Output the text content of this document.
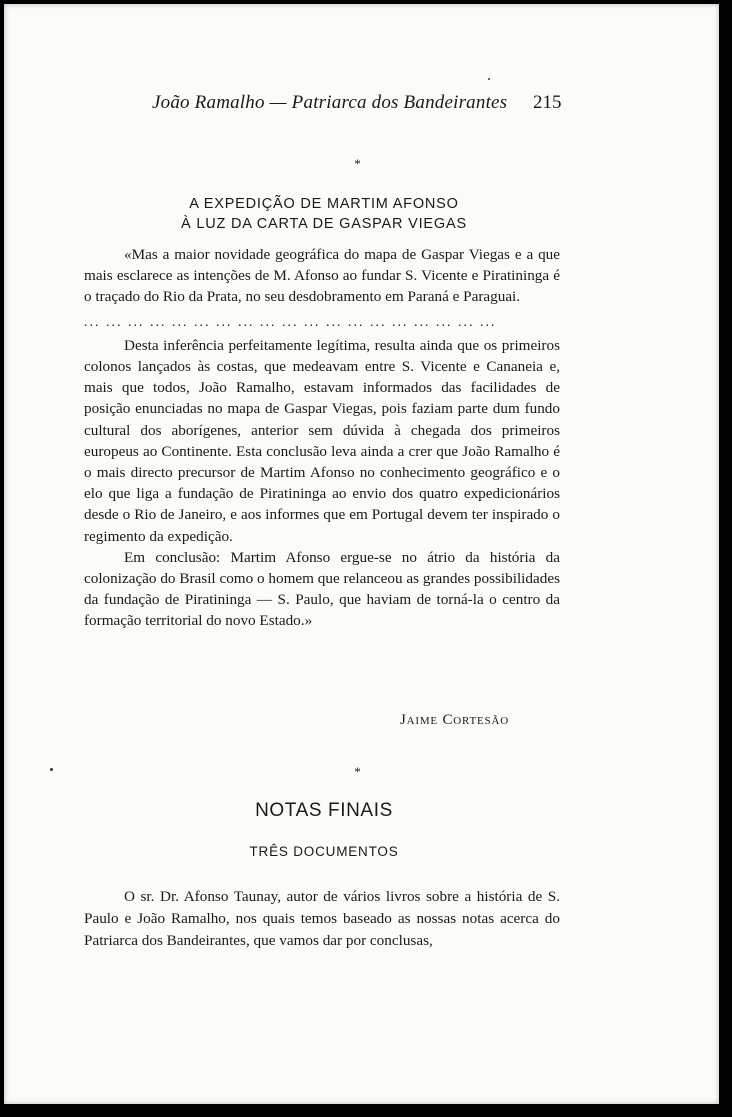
João Ramalho — Patriarca dos Bandeirantes 215
*
A EXPEDIÇÃO DE MARTIM AFONSO
À LUZ DA CARTA DE GASPAR VIEGAS

«Mas a maior novidade geográfica do mapa de Gaspar Viegas e a que mais esclarece as intenções de M. Afonso ao fundar S. Vicente e Piratininga é o traçado do Rio da Prata, no seu desdobramento em Paraná e Paraguai.

... ... ... ... ... ... ... ... ... ... ... ... ... ... ... ... ... ... ...

Desta inferência perfeitamente legítima, resulta ainda que os primeiros colonos lançados às costas, que medeavam entre S. Vicente e Cananeia e, mais que todos, João Ramalho, estavam informados das facilidades de posição enunciadas no mapa de Gaspar Viegas, pois faziam parte dum fundo cultural dos aborígenes, anterior sem dúvida à chegada dos primeiros europeus ao Continente. Esta conclusão leva ainda a crer que João Ramalho é o mais directo precursor de Martim Afonso no conhecimento geográfico e o elo que liga a fundação de Piratininga ao envio dos quatro expedicionários desde o Rio de Janeiro, e aos informes que em Portugal devem ter inspirado o regimento da expedição.

Em conclusão: Martim Afonso ergue-se no átrio da história da colonização do Brasil como o homem que relanceou as grandes possibilidades da fundação de Piratininga — S. Paulo, que haviam de torná-la o centro da formação territorial do novo Estado.»

Jaime Cortesão
*
NOTAS FINAIS
TRÊS DOCUMENTOS

O sr. Dr. Afonso Taunay, autor de vários livros sobre a história de S. Paulo e João Ramalho, nos quais temos baseado as nossas notas acerca do Patriarca dos Bandeirantes, que vamos dar por conclusas,
